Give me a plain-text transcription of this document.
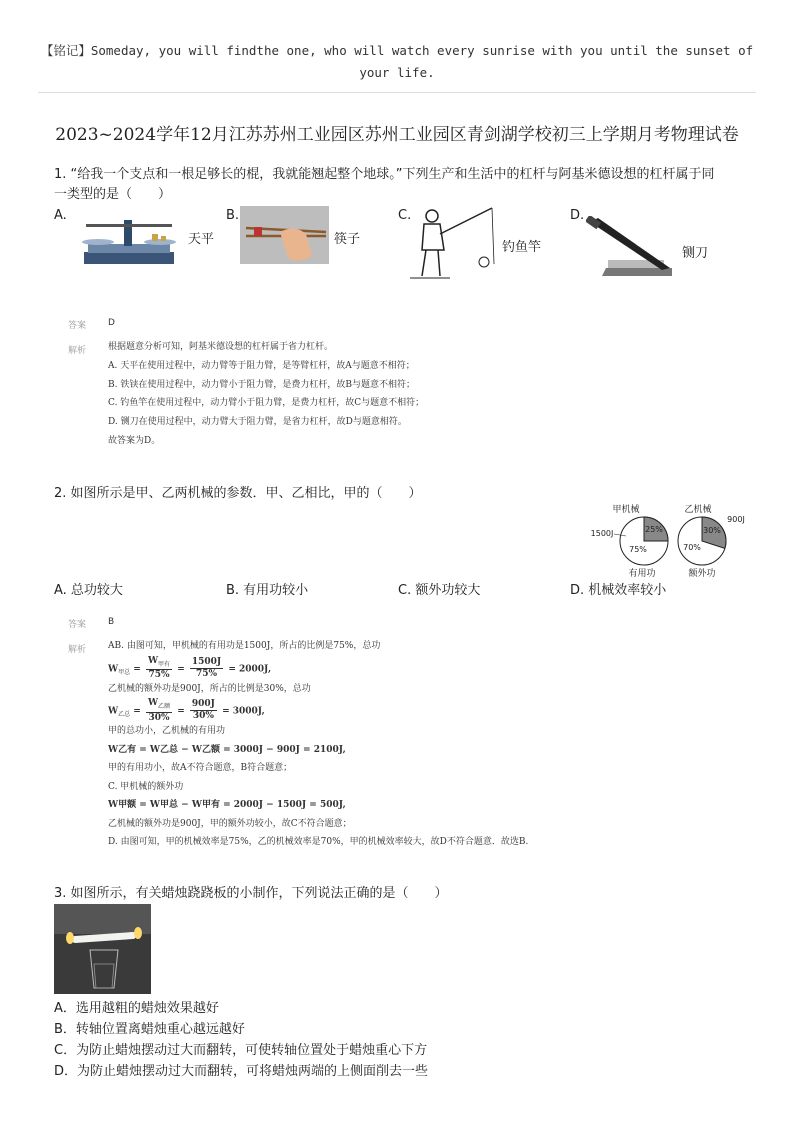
【铭记】Someday, you will findthe one, who will watch every sunrise with you until the sunset of your life.
2023~2024学年12月江苏苏州工业园区苏州工业园区青剑湖学校初三上学期月考物理试卷
1. “给我一个支点和一根足够长的棍，我就能翘起整个地球。”下列生产和生活中的杠杆与阿基米德设想的杠杆属于同
一类型的是（　　）
A.
天平
B.
筷子
C.
钓鱼竿
D.
铡刀
答案 D
解析 根据题意分析可知，阿基米德设想的杠杆属于省力杠杆。
A. 天平在使用过程中，动力臂等于阻力臂，是等臂杠杆，故A与题意不相符；
B. 铁铗在使用过程中，动力臂小于阻力臂，是费力杠杆，故B与题意不相符；
C. 钓鱼竿在使用过程中，动力臂小于阻力臂，是费力杠杆，故C与题意不相符；
D. 铡刀在使用过程中，动力臂大于阻力臂，是省力杠杆，故D与题意相符。
故答案为D。
2. 如图所示是甲、乙两机械的参数．甲、乙相比，甲的（　　）
甲机械
25%
75%
1500J
有用功
乙机械
30%
70%
900J
额外功
A. 总功较大	B. 有用功较小	C. 额外功较大	D. 机械效率较小
答案 B
解析 AB. 由图可知，甲机械的有用功是1500J，所占的比例是75%，总功
$W_{甲总} = \frac{W_{甲有}}{75\%} = \frac{1500J}{75\%} = 2000J$,
乙机械的额外功是900J，所占的比例是30%，总功
$W_{乙总} = \frac{W_{乙额}}{30\%} = \frac{900J}{30\%} = 3000J$,
甲的总功小，乙机械的有用功
W乙有 = W乙总 − W乙额 = 3000J − 900J = 2100J,
甲的有用功小，故A不符合题意，B符合题意；
C. 甲机械的额外功
W甲额 = W甲总 − W甲有 = 2000J − 1500J = 500J,
乙机械的额外功是900J，甲的额外功较小，故C不符合题意；
D. 由图可知，甲的机械效率是75%，乙的机械效率是70%，甲的机械效率较大，故D不符合题意．故选B.
3. 如图所示，有关蜡烛跷跷板的小制作，下列说法正确的是（　　）
A．选用越粗的蜡烛效果越好
B．转轴位置离蜡烛重心越远越好
C．为防止蜡烛摆动过大而翻转，可使转轴位置处于蜡烛重心下方
D．为防止蜡烛摆动过大而翻转，可将蜡烛两端的上侧面削去一些
